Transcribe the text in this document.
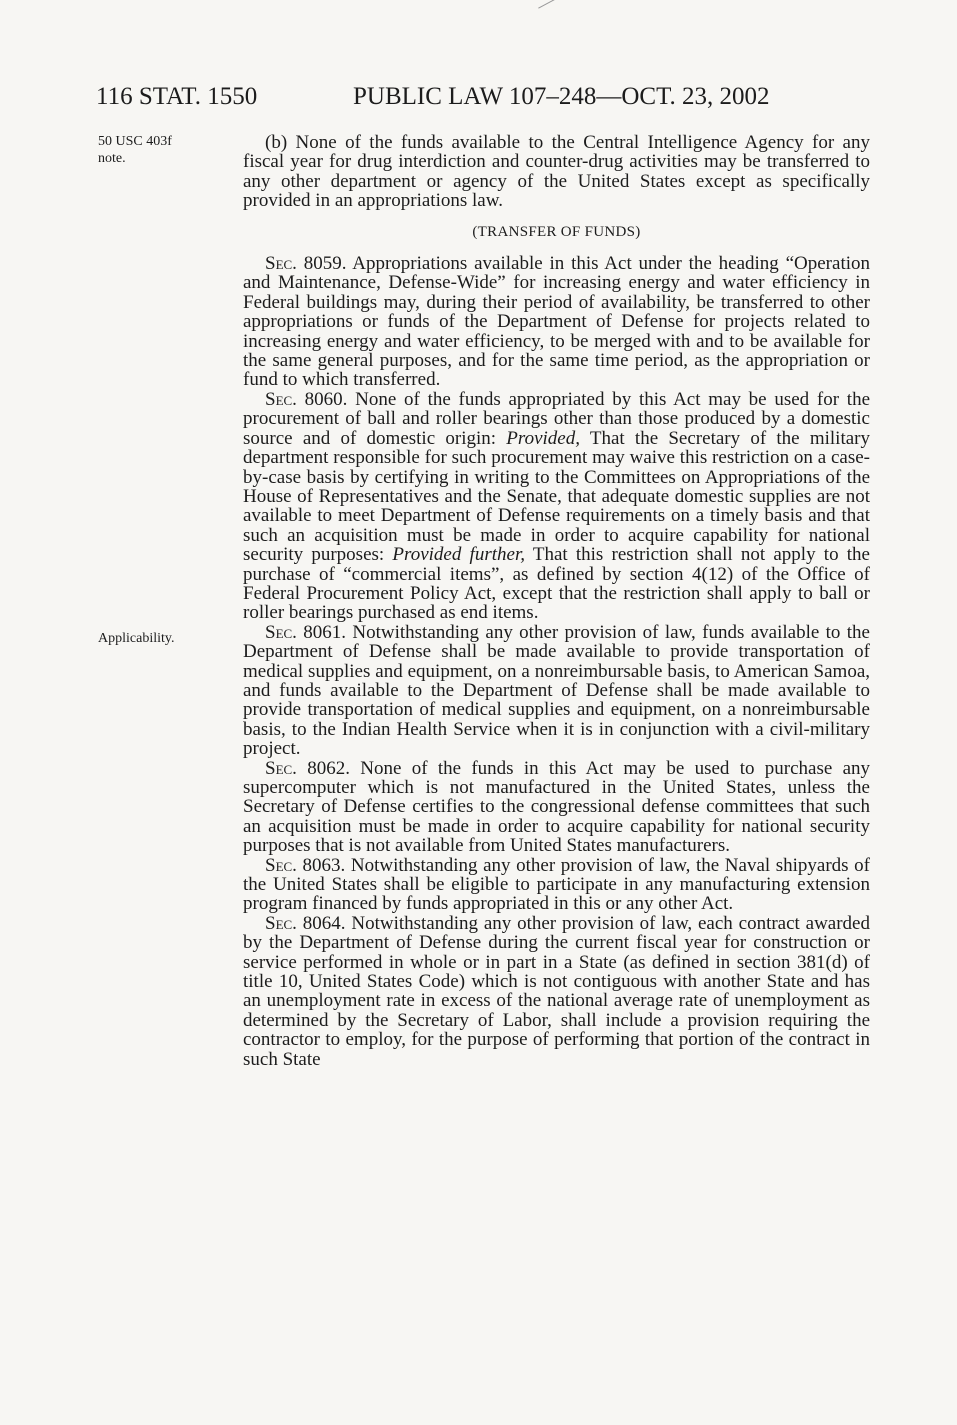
116 STAT. 1550	PUBLIC LAW 107–248—OCT. 23, 2002
50 USC 403f
note.
Applicability.

(b) None of the funds available to the Central Intelligence Agency for any fiscal year for drug interdiction and counter-drug activities may be transferred to any other department or agency of the United States except as specifically provided in an appropriations law.

(TRANSFER OF FUNDS)

Sec. 8059. Appropriations available in this Act under the heading “Operation and Maintenance, Defense-Wide” for increasing energy and water efficiency in Federal buildings may, during their period of availability, be transferred to other appropriations or funds of the Department of Defense for projects related to increasing energy and water efficiency, to be merged with and to be available for the same general purposes, and for the same time period, as the appropriation or fund to which transferred.

Sec. 8060. None of the funds appropriated by this Act may be used for the procurement of ball and roller bearings other than those produced by a domestic source and of domestic origin: Provided, That the Secretary of the military department responsible for such procurement may waive this restriction on a case-by-case basis by certifying in writing to the Committees on Appropriations of the House of Representatives and the Senate, that adequate domestic supplies are not available to meet Department of Defense requirements on a timely basis and that such an acquisition must be made in order to acquire capability for national security purposes: Provided further, That this restriction shall not apply to the purchase of “commercial items”, as defined by section 4(12) of the Office of Federal Procurement Policy Act, except that the restriction shall apply to ball or roller bearings purchased as end items.

Sec. 8061. Notwithstanding any other provision of law, funds available to the Department of Defense shall be made available to provide transportation of medical supplies and equipment, on a nonreimbursable basis, to American Samoa, and funds available to the Department of Defense shall be made available to provide transportation of medical supplies and equipment, on a nonreimbursable basis, to the Indian Health Service when it is in conjunction with a civil-military project.

Sec. 8062. None of the funds in this Act may be used to purchase any supercomputer which is not manufactured in the United States, unless the Secretary of Defense certifies to the congressional defense committees that such an acquisition must be made in order to acquire capability for national security purposes that is not available from United States manufacturers.

Sec. 8063. Notwithstanding any other provision of law, the Naval shipyards of the United States shall be eligible to participate in any manufacturing extension program financed by funds appropriated in this or any other Act.

Sec. 8064. Notwithstanding any other provision of law, each contract awarded by the Department of Defense during the current fiscal year for construction or service performed in whole or in part in a State (as defined in section 381(d) of title 10, United States Code) which is not contiguous with another State and has an unemployment rate in excess of the national average rate of unemployment as determined by the Secretary of Labor, shall include a provision requiring the contractor to employ, for the purpose of performing that portion of the contract in such State
